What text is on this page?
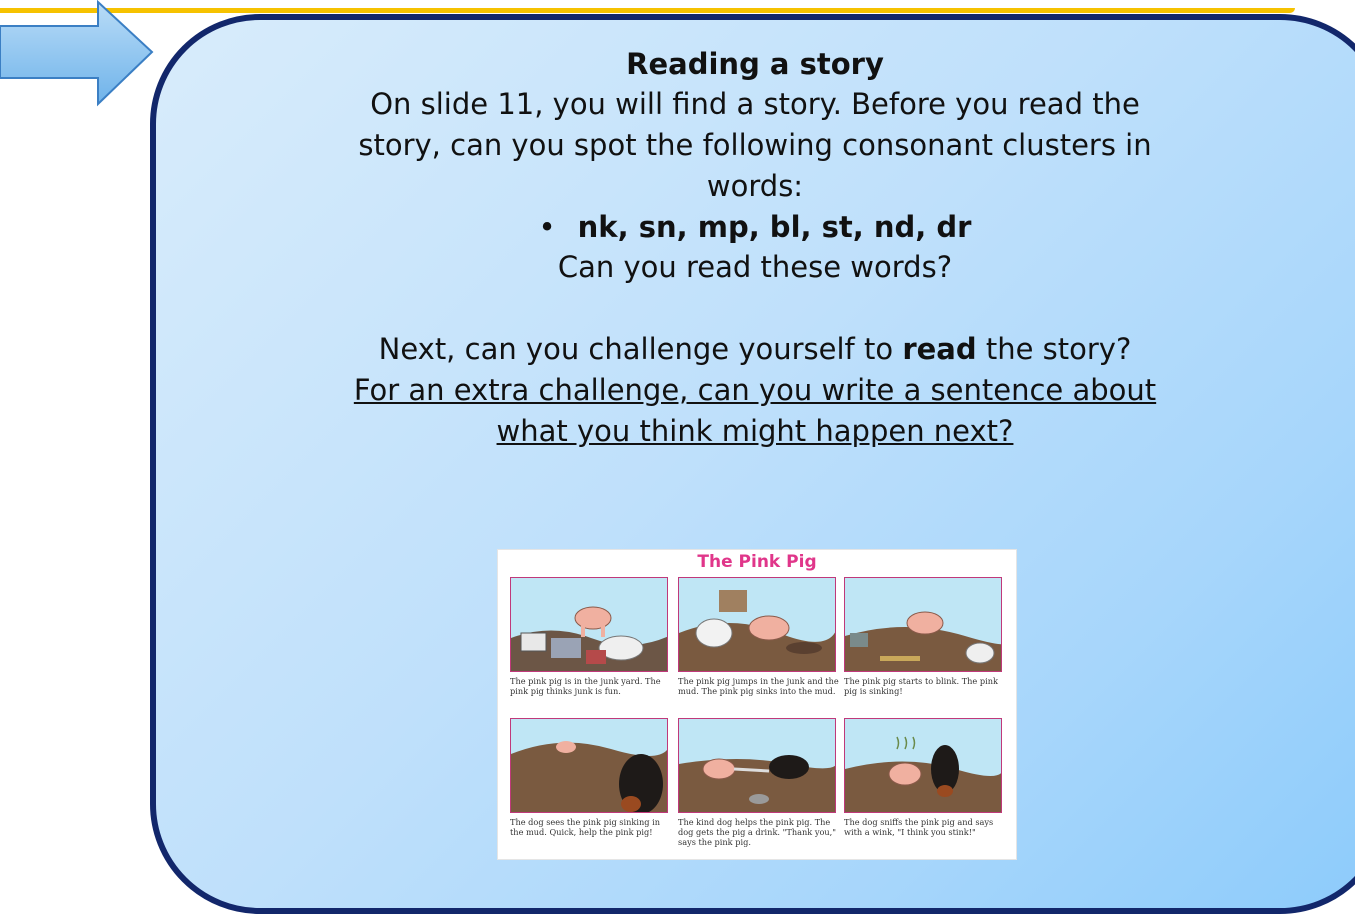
Reading a story
On slide 11, you will find a story. Before you read the
story, can you spot the following consonant clusters in
words:
• nk, sn, mp, bl, st, nd, dr
Can you read these words?
Next, can you challenge yourself to read the story?
For an extra challenge, can you write a sentence about
what you think might happen next?
The Pink Pig
The pink pig is in the junk yard. The pink pig thinks junk is fun.
The pink pig jumps in the junk and the mud. The pink pig sinks into the mud.
The pink pig starts to blink. The pink pig is sinking!
The dog sees the pink pig sinking in the mud. Quick, help the pink pig!
The kind dog helps the pink pig. The dog gets the pig a drink. "Thank you," says the pink pig.
The dog sniffs the pink pig and says with a wink, "I think you stink!"
